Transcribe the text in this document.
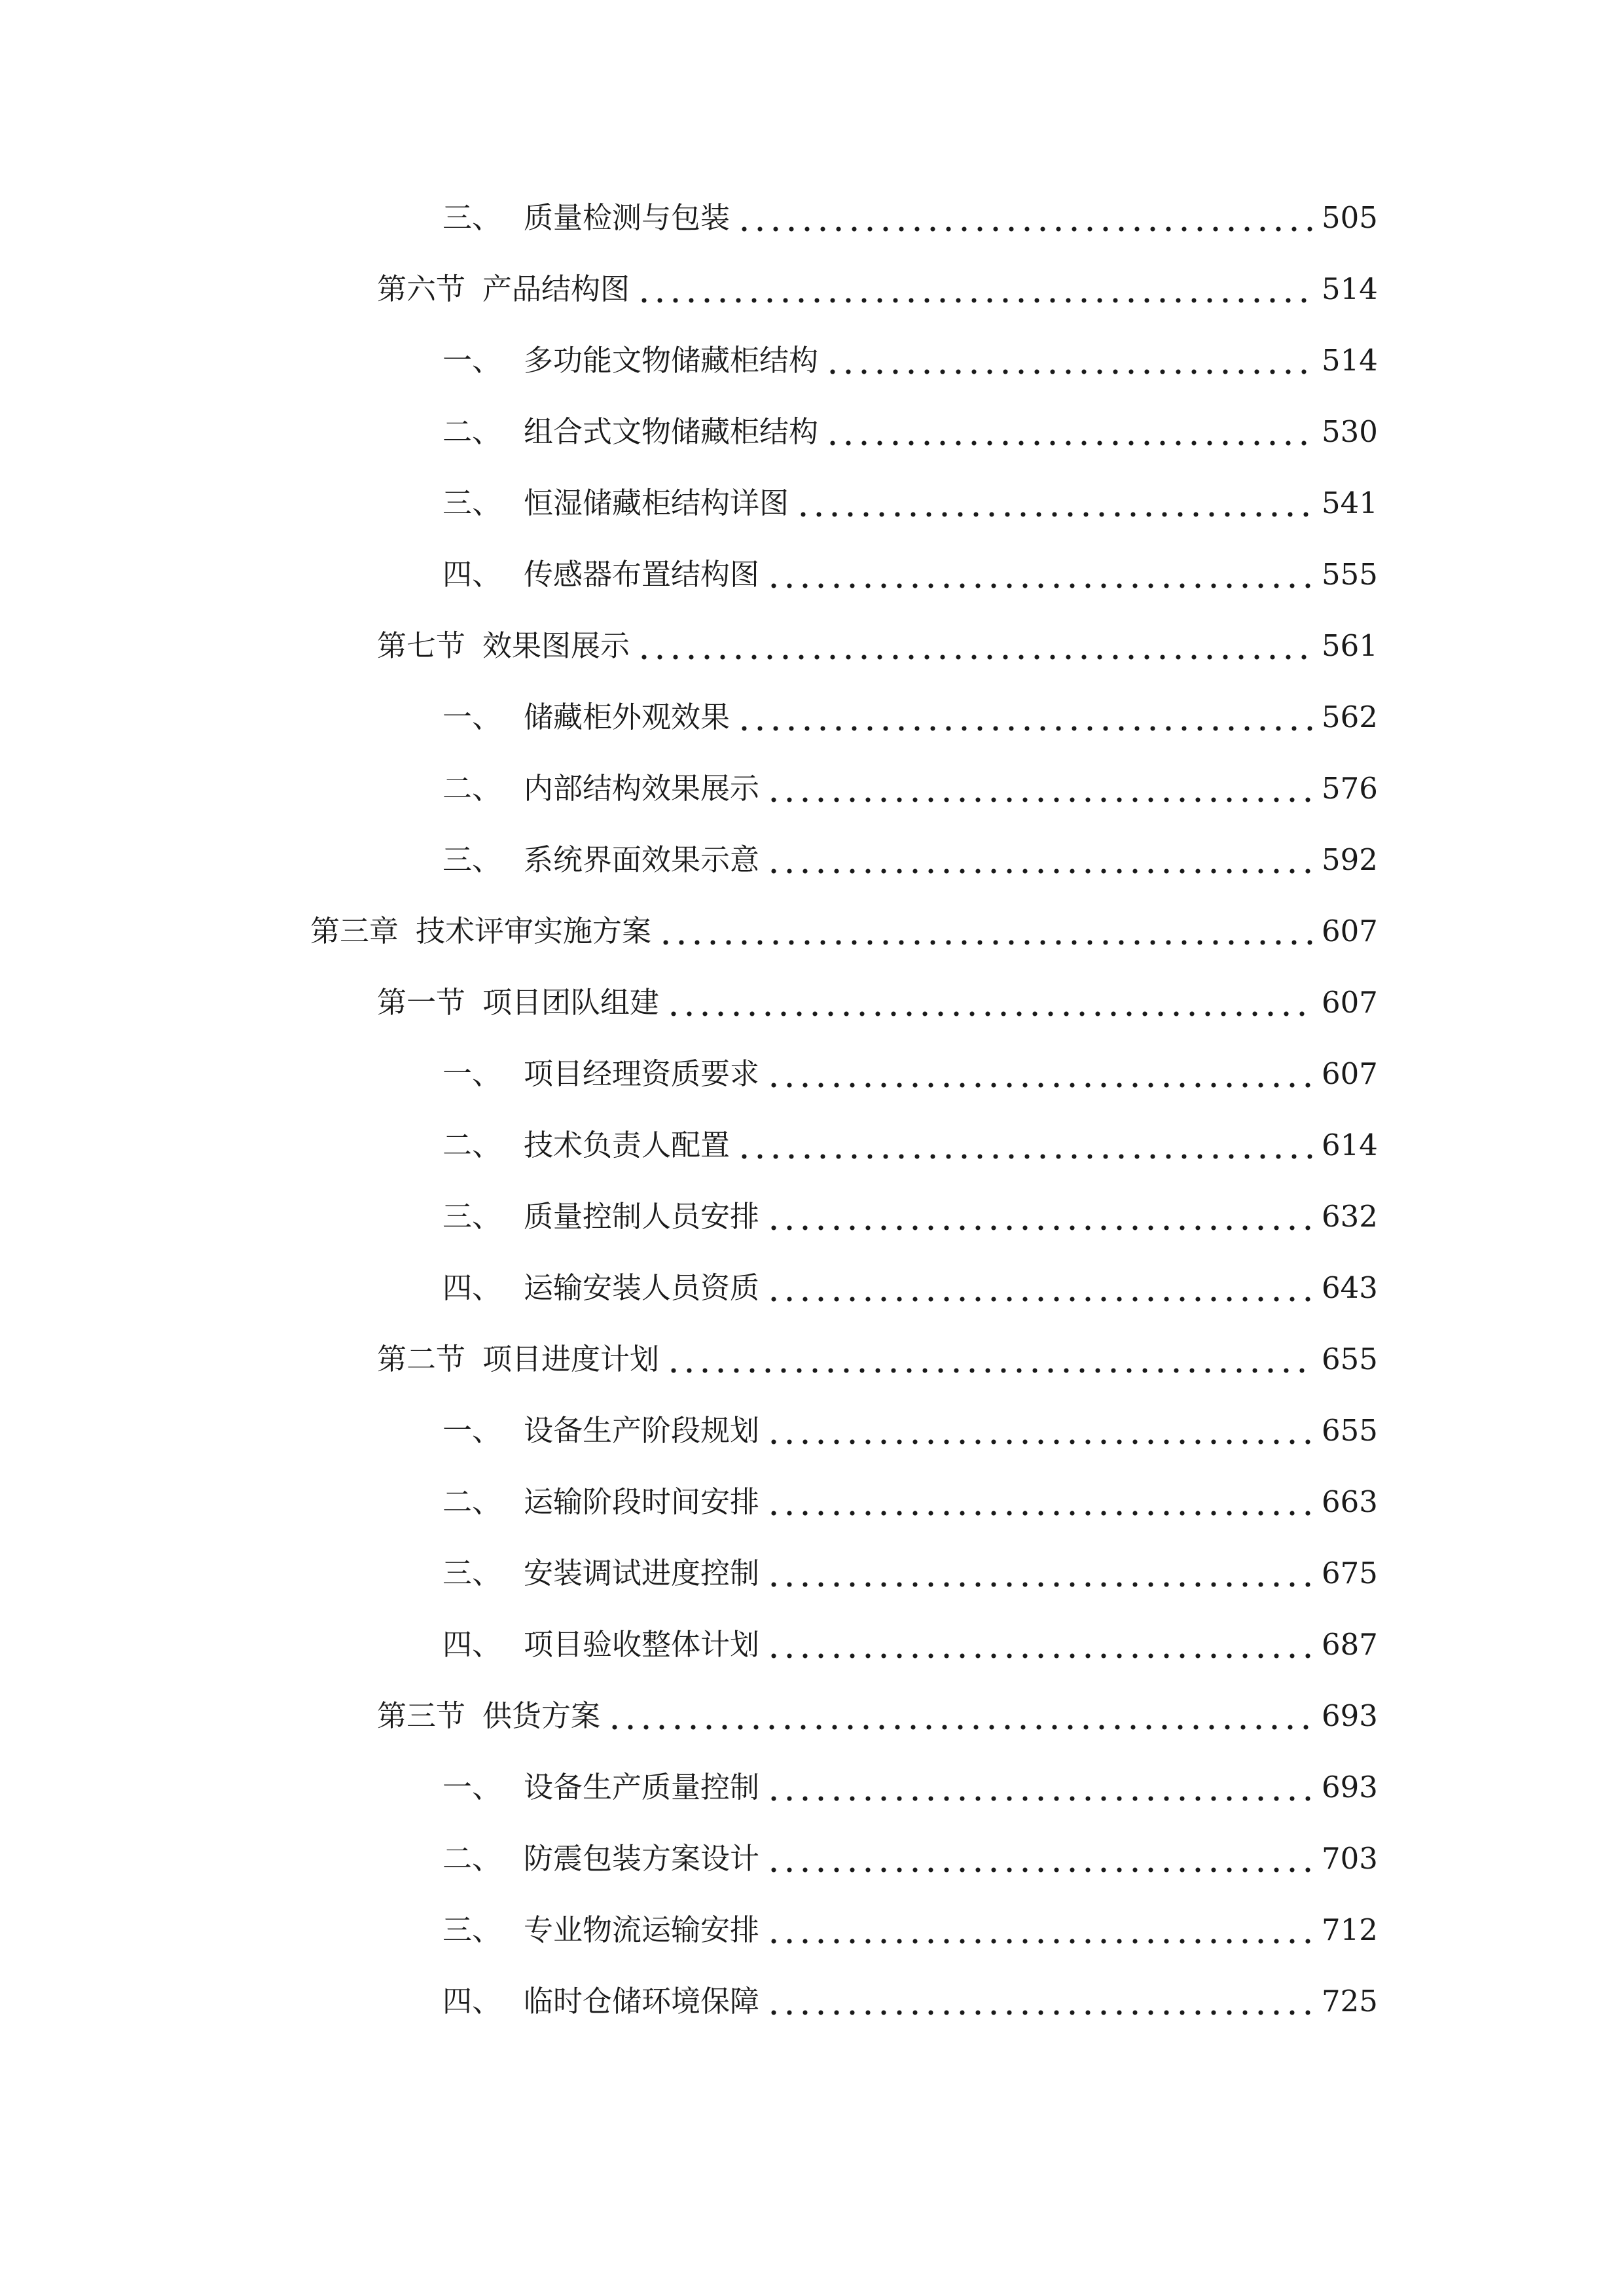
三、 质量检测与包装	505
第六节 产品结构图	514
一、 多功能文物储藏柜结构	514
二、 组合式文物储藏柜结构	530
三、 恒湿储藏柜结构详图	541
四、 传感器布置结构图	555
第七节 效果图展示	561
一、 储藏柜外观效果	562
二、 内部结构效果展示	576
三、 系统界面效果示意	592
第三章 技术评审实施方案	607
第一节 项目团队组建	607
一、 项目经理资质要求	607
二、 技术负责人配置	614
三、 质量控制人员安排	632
四、 运输安装人员资质	643
第二节 项目进度计划	655
一、 设备生产阶段规划	655
二、 运输阶段时间安排	663
三、 安装调试进度控制	675
四、 项目验收整体计划	687
第三节 供货方案	693
一、 设备生产质量控制	693
二、 防震包装方案设计	703
三、 专业物流运输安排	712
四、 临时仓储环境保障	725
